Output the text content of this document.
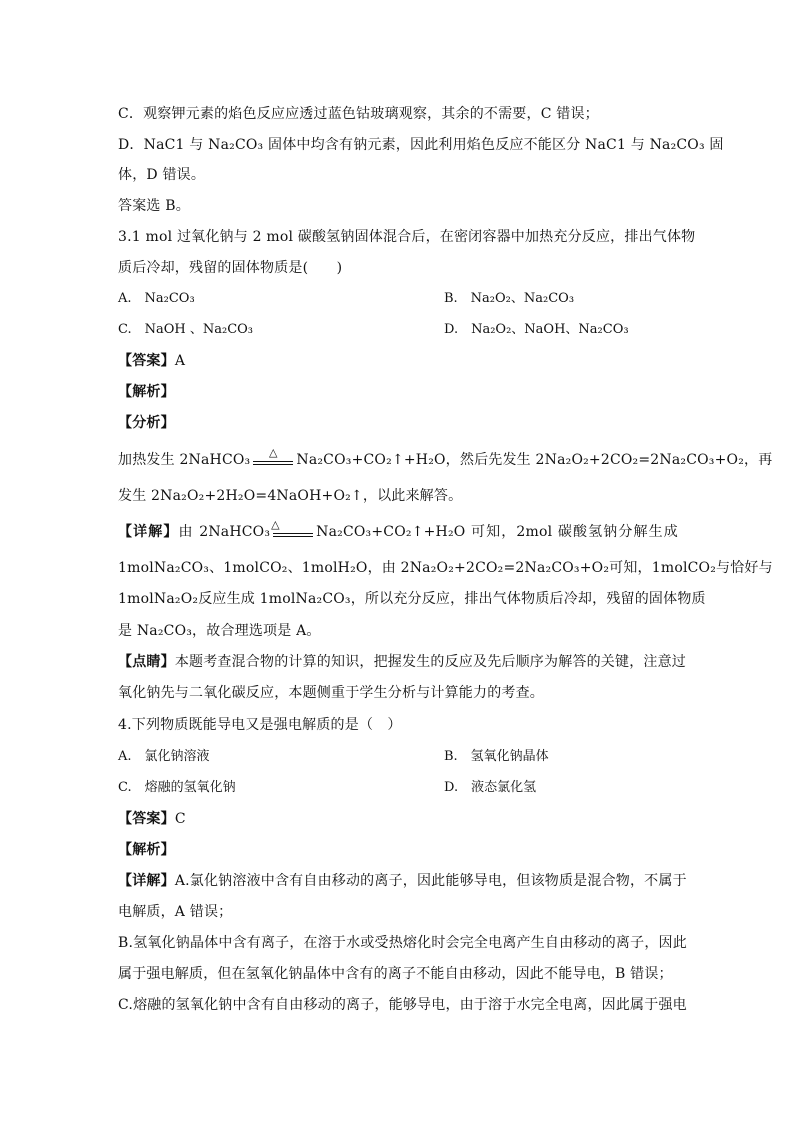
C．观察钾元素的焰色反应应透过蓝色钴玻璃观察，其余的不需要，C 错误；
D．NaC1 与 Na₂CO₃ 固体中均含有钠元素，因此利用焰色反应不能区分 NaC1 与 Na₂CO₃ 固
体，D 错误。
答案选 B。
3.1 mol 过氧化钠与 2 mol 碳酸氢钠固体混合后，在密闭容器中加热充分反应，排出气体物
质后冷却，残留的固体物质是(　　)
A.　Na₂CO₃	B.　Na₂O₂、Na₂CO₃
C.　NaOH 、Na₂CO₃	D.　Na₂O₂、NaOH、Na₂CO₃
【答案】A
【解析】
【分析】
加热发生 2NaHCO₃	△	Na₂CO₃+CO₂↑+H₂O，然后先发生 2Na₂O₂+2CO₂=2Na₂CO₃+O₂，再
发生 2Na₂O₂+2H₂O=4NaOH+O₂↑，以此来解答。
【详解】由 2NaHCO₃ △	Na₂CO₃+CO₂↑+H₂O 可知，2mol 碳酸氢钠分解生成
1molNa₂CO₃、1molCO₂、1molH₂O，由 2Na₂O₂+2CO₂=2Na₂CO₃+O₂可知，1molCO₂与恰好与
1molNa₂O₂反应生成 1molNa₂CO₃，所以充分反应，排出气体物质后冷却，残留的固体物质
是 Na₂CO₃，故合理选项是 A。
【点睛】本题考查混合物的计算的知识，把握发生的反应及先后顺序为解答的关键，注意过
氧化钠先与二氧化碳反应，本题侧重于学生分析与计算能力的考查。
4.下列物质既能导电又是强电解质的是（　）
A.　氯化钠溶液	B.　氢氧化钠晶体
C.　熔融的氢氧化钠	D.　液态氯化氢
【答案】C
【解析】
【详解】A.氯化钠溶液中含有自由移动的离子，因此能够导电，但该物质是混合物，不属于
电解质，A 错误；
B.氢氧化钠晶体中含有离子，在溶于水或受热熔化时会完全电离产生自由移动的离子，因此
属于强电解质，但在氢氧化钠晶体中含有的离子不能自由移动，因此不能导电，B 错误；
C.熔融的氢氧化钠中含有自由移动的离子，能够导电，由于溶于水完全电离，因此属于强电
